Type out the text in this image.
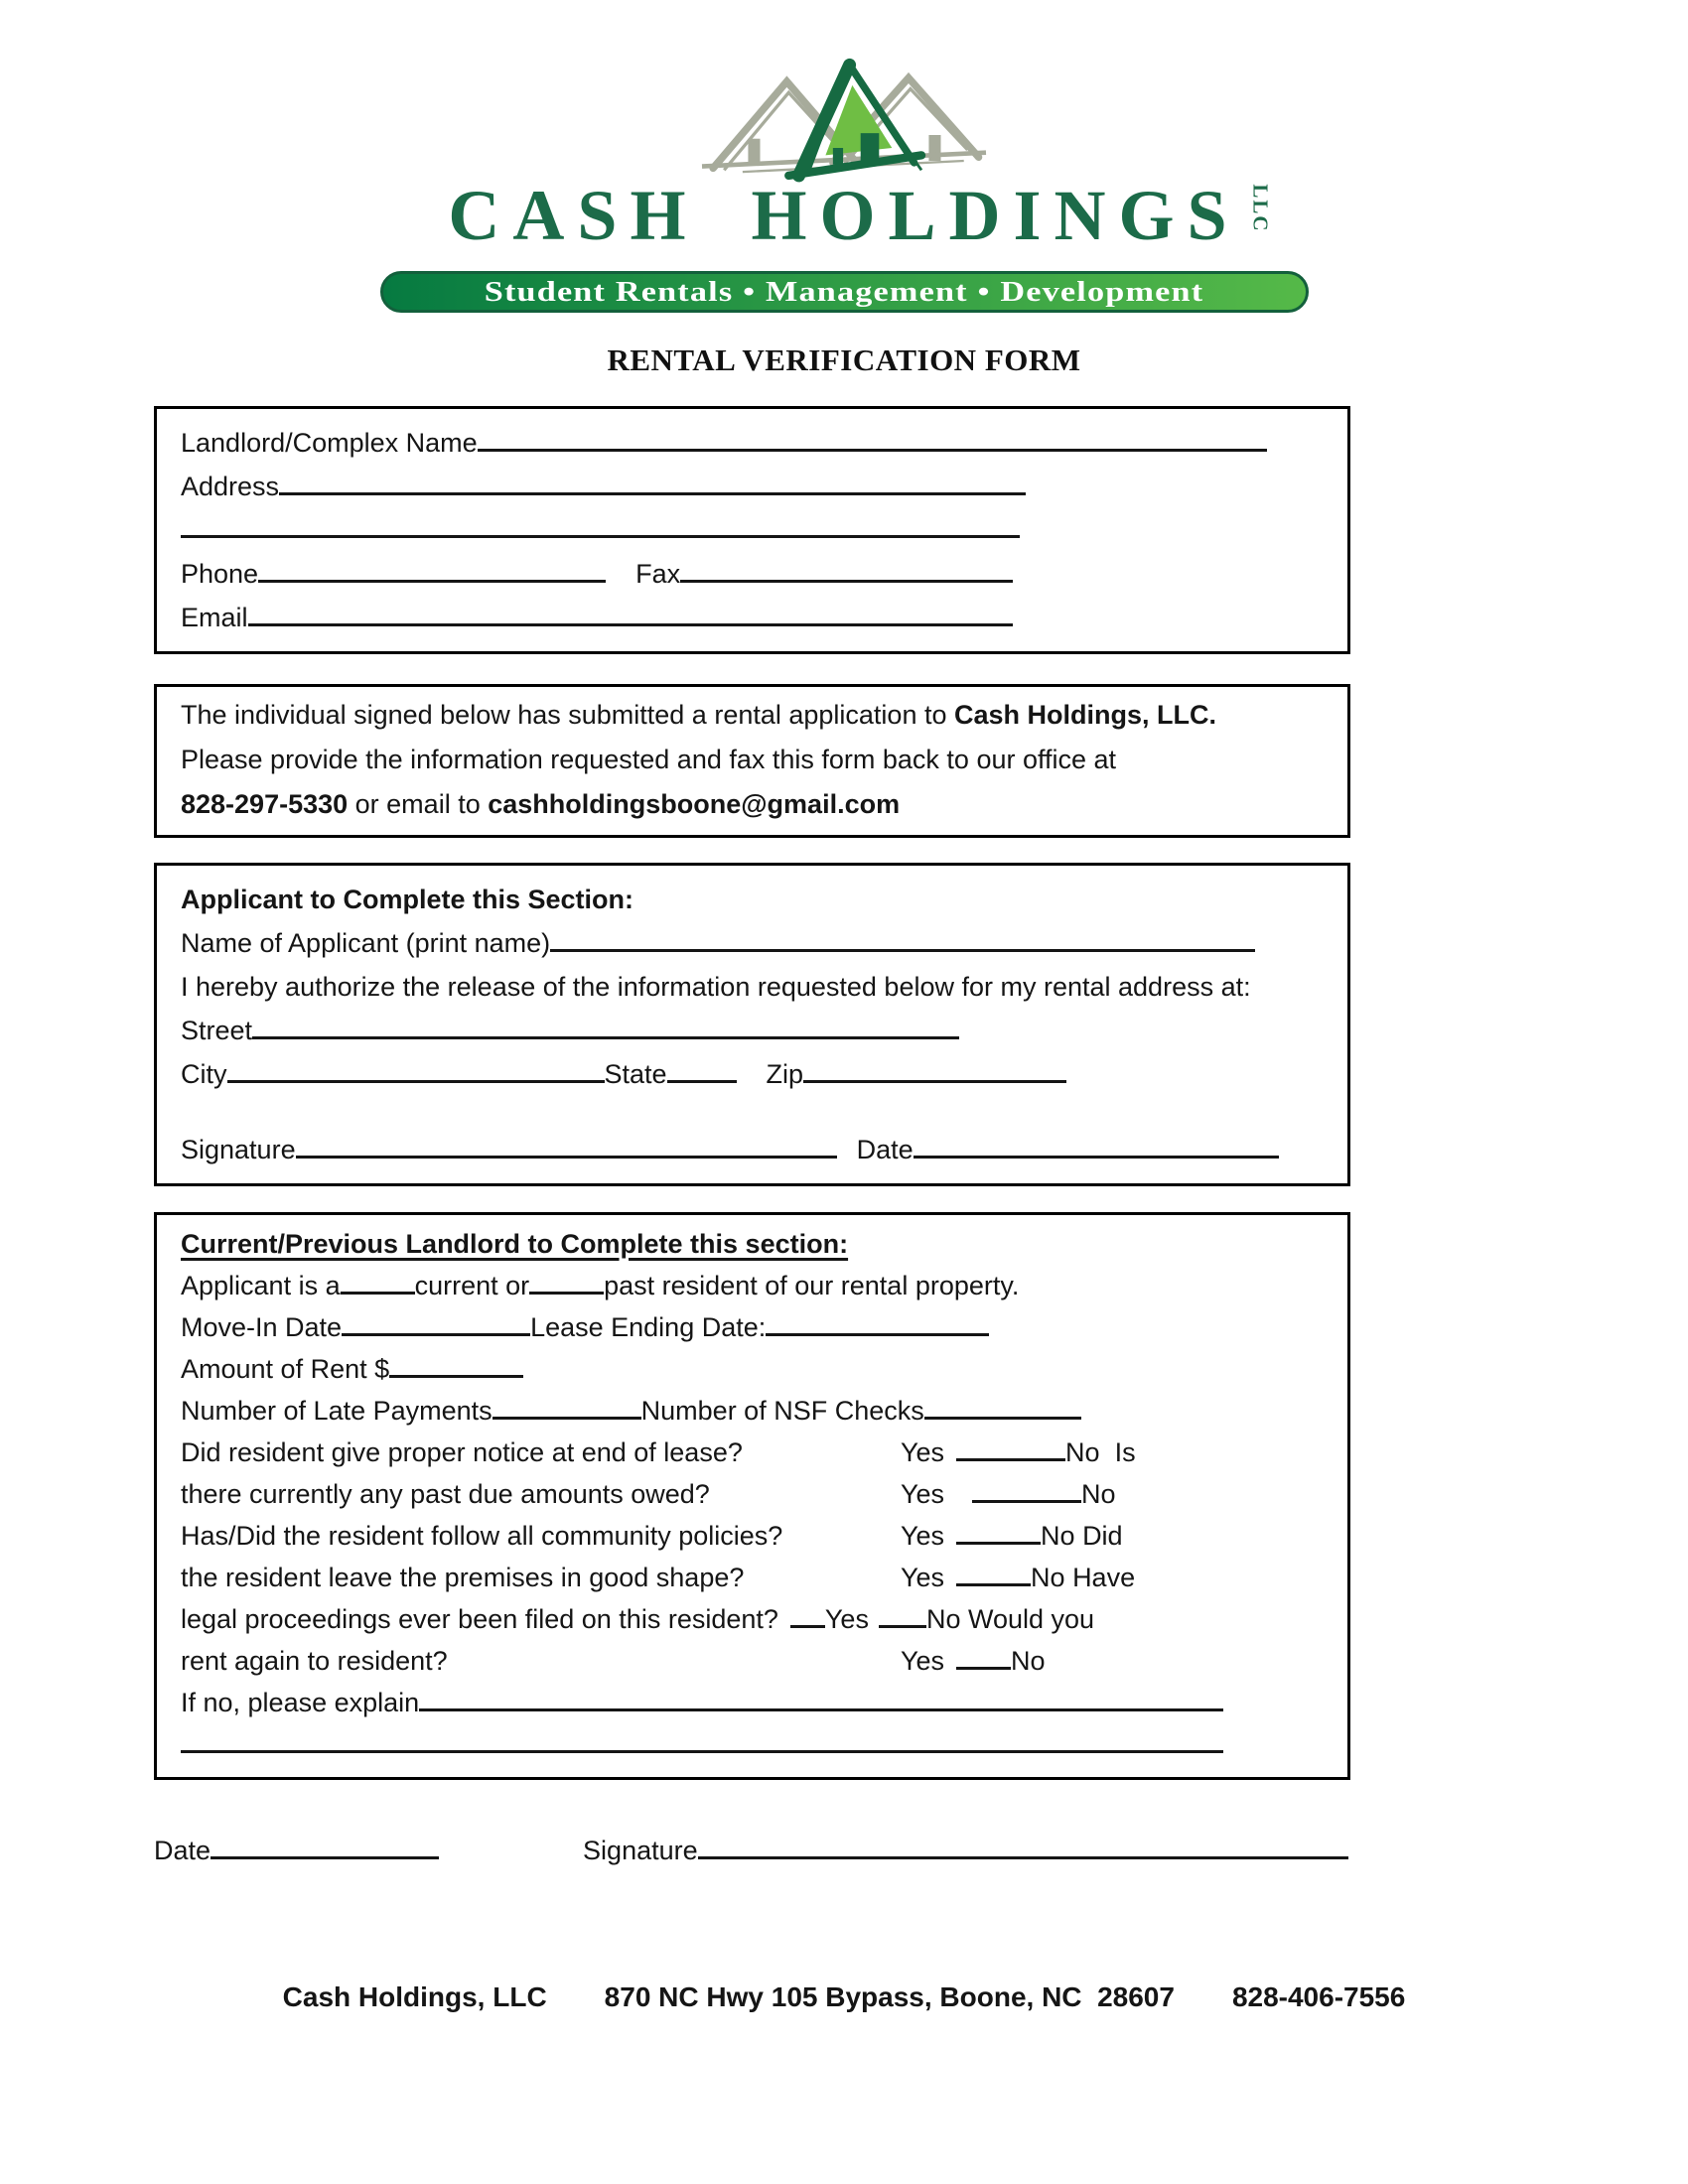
CASH HOLDINGS LLC
Student Rentals • Management • Development
RENTAL VERIFICATION FORM
Landlord/Complex Name
Address
Phone	Fax
Email

The individual signed below has submitted a rental application to Cash Holdings, LLC.

Please provide the information requested and fax this form back to our office at

828-297-5330 or email to cashholdingsboone@gmail.com

Applicant to Complete this Section:
Name of Applicant (print name)
I hereby authorize the release of the information requested below for my rental address at:
Street
City	State	Zip
Signature	Date
Current/Previous Landlord to Complete this section:
Applicant is a	current or	past resident of our rental property.
Move-In Date	Lease Ending Date:
Amount of Rent $
Number of Late Payments	Number of NSF Checks
Did resident give proper notice at end of lease?	Yes	No  Is
there currently any past due amounts owed?	Yes	No
Has/Did the resident follow all community policies?	Yes	No Did
the resident leave the premises in good shape?	Yes	No Have
legal proceedings ever been filed on this resident? Yes No Would you
rent again to resident?	Yes No
If no, please explain
Date	Signature
Cash Holdings, LLC 870 NC Hwy 105 Bypass, Boone, NC  28607 828-406-7556
